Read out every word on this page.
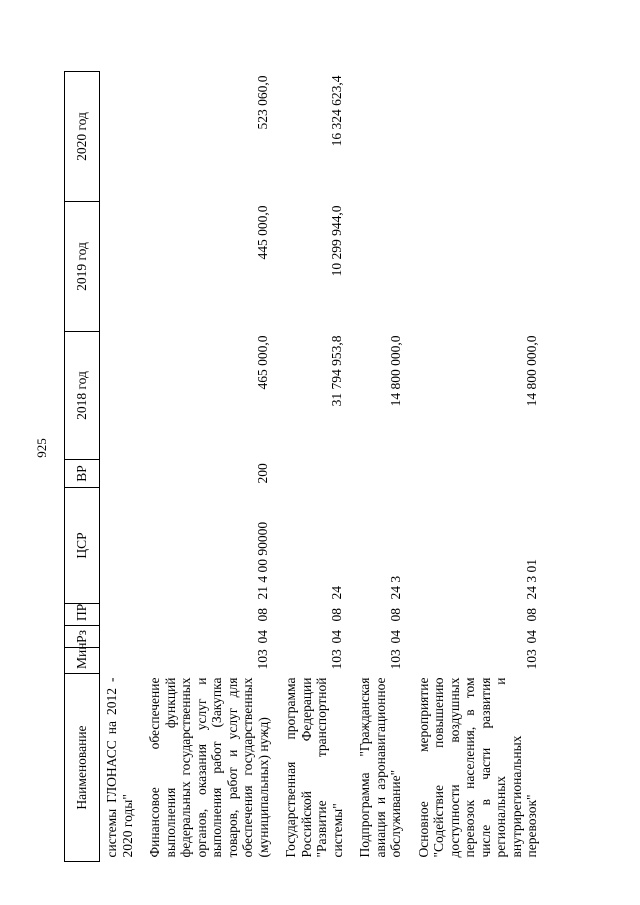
925
Наименование	Мин	Рз	ПР	ЦСР	ВР	2018 год	2019 год	2020 год
системы ГЛОНАСС на 2012 - 2020 годы"								
Финансовое обеспечение выполнения функций федеральных государственных органов, оказания услуг и выполнения работ (Закупка товаров, работ и услуг для обеспечения государственных (муниципальных) нужд)	103	04	08	21 4 00 90000	200	465 000,0	445 000,0	523 060,0
Государственная программа Российской Федерации "Развитие транспортной системы"	103	04	08	24		31 794 953,8	10 299 944,0	16 324 623,4
Подпрограмма "Гражданская авиация и аэронавигационное обслуживание"	103	04	08	24 3		14 800 000,0		
Основное мероприятие "Содействие повышению доступности воздушных перевозок населения, в том числе в части развития региональных и внутрирегиональных перевозок"	103	04	08	24 3 01		14 800 000,0		
